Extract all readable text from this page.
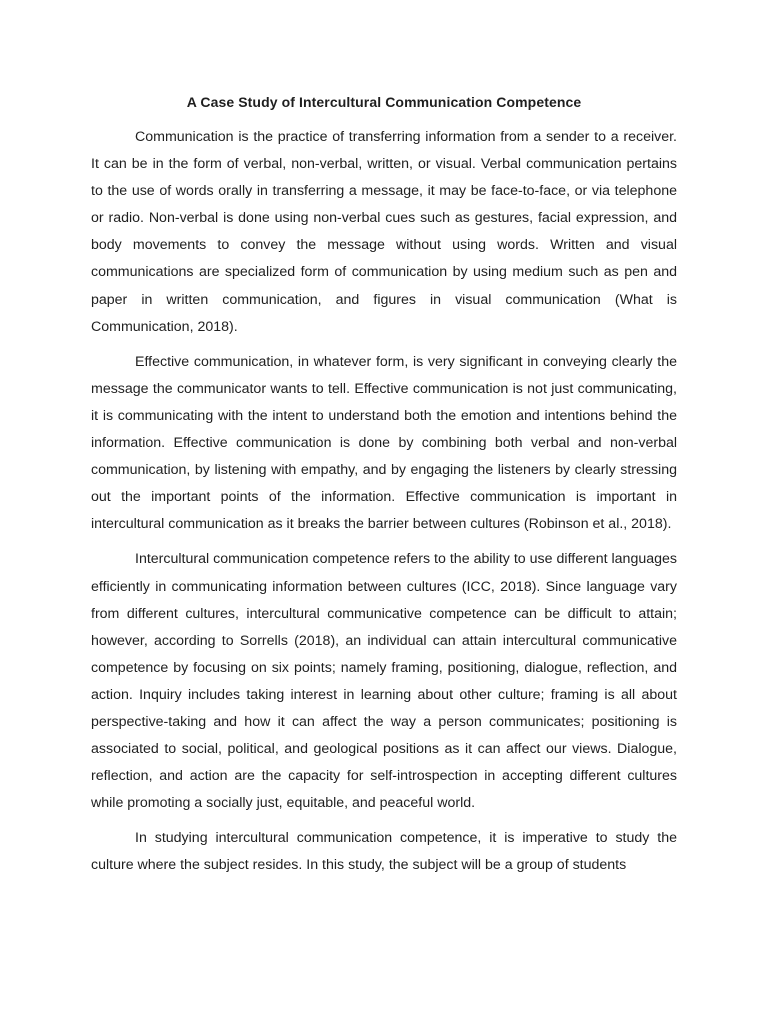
A Case Study of Intercultural Communication Competence

Communication is the practice of transferring information from a sender to a receiver. It can be in the form of verbal, non-verbal, written, or visual. Verbal communication pertains to the use of words orally in transferring a message, it may be face-to-face, or via telephone or radio. Non-verbal is done using non-verbal cues such as gestures, facial expression, and body movements to convey the message without using words. Written and visual communications are specialized form of communication by using medium such as pen and paper in written communication, and figures in visual communication (What is Communication, 2018).

Effective communication, in whatever form, is very significant in conveying clearly the message the communicator wants to tell. Effective communication is not just communicating, it is communicating with the intent to understand both the emotion and intentions behind the information. Effective communication is done by combining both verbal and non-verbal communication, by listening with empathy, and by engaging the listeners by clearly stressing out the important points of the information. Effective communication is important in intercultural communication as it breaks the barrier between cultures (Robinson et al., 2018).

Intercultural communication competence refers to the ability to use different languages efficiently in communicating information between cultures (ICC, 2018). Since language vary from different cultures, intercultural communicative competence can be difficult to attain; however, according to Sorrells (2018), an individual can attain intercultural communicative competence by focusing on six points; namely framing, positioning, dialogue, reflection, and action. Inquiry includes taking interest in learning about other culture; framing is all about perspective-taking and how it can affect the way a person communicates; positioning is associated to social, political, and geological positions as it can affect our views. Dialogue, reflection, and action are the capacity for self-introspection in accepting different cultures while promoting a socially just, equitable, and peaceful world.

In studying intercultural communication competence, it is imperative to study the culture where the subject resides. In this study, the subject will be a group of students
